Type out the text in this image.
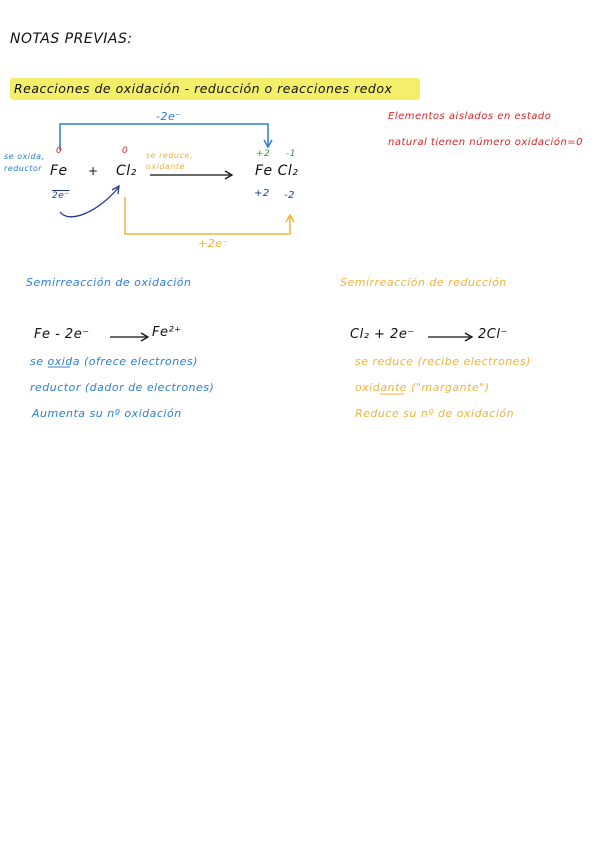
NOTAS PREVIAS:
Reacciones de oxidación - reducción o reacciones redox
Elementos aislados en estado
natural tienen número oxidación=0
-2e⁻
0	0
se oxida,
reductor Fe + Cl₂
se reduce,
oxidante
2e⁻
+2 -1
Fe Cl₂
+2 -2
+2e⁻
Semirreacción de oxidación
Fe - 2e⁻	Fe²⁺
se oxida (ofrece electrones)
reductor (dador de electrones)
Aumenta su nº oxidación
Semirreacción de reducción
Cl₂ + 2e⁻	2Cl⁻
se reduce (recibe electrones)
oxidante ("margante")
Reduce su nº de oxidación
